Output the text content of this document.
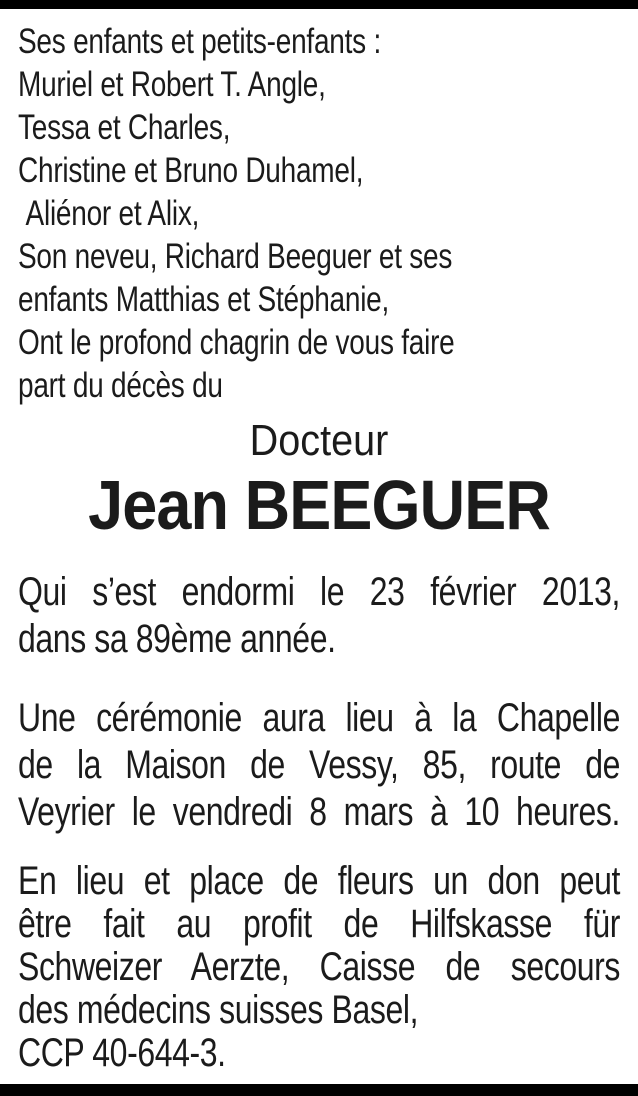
Ses enfants et petits-enfants :
Muriel et Robert T. Angle,
Tessa et Charles,
Christine et Bruno Duhamel,
Aliénor et Alix,
Son neveu, Richard Beeguer et ses
enfants Matthias et Stéphanie,
Ont le profond chagrin de vous faire
part du décès du
Docteur
Jean BEEGUER
Qui s’est endormi le 23 février 2013,
dans sa 89ème année.
Une cérémonie aura lieu à la Chapelle
de la Maison de Vessy, 85, route de
Veyrier le vendredi 8 mars à 10 heures.
En lieu et place de fleurs un don peut
être fait au profit de Hilfskasse für
Schweizer Aerzte, Caisse de secours
des médecins suisses Basel,
CCP 40-644-3.
